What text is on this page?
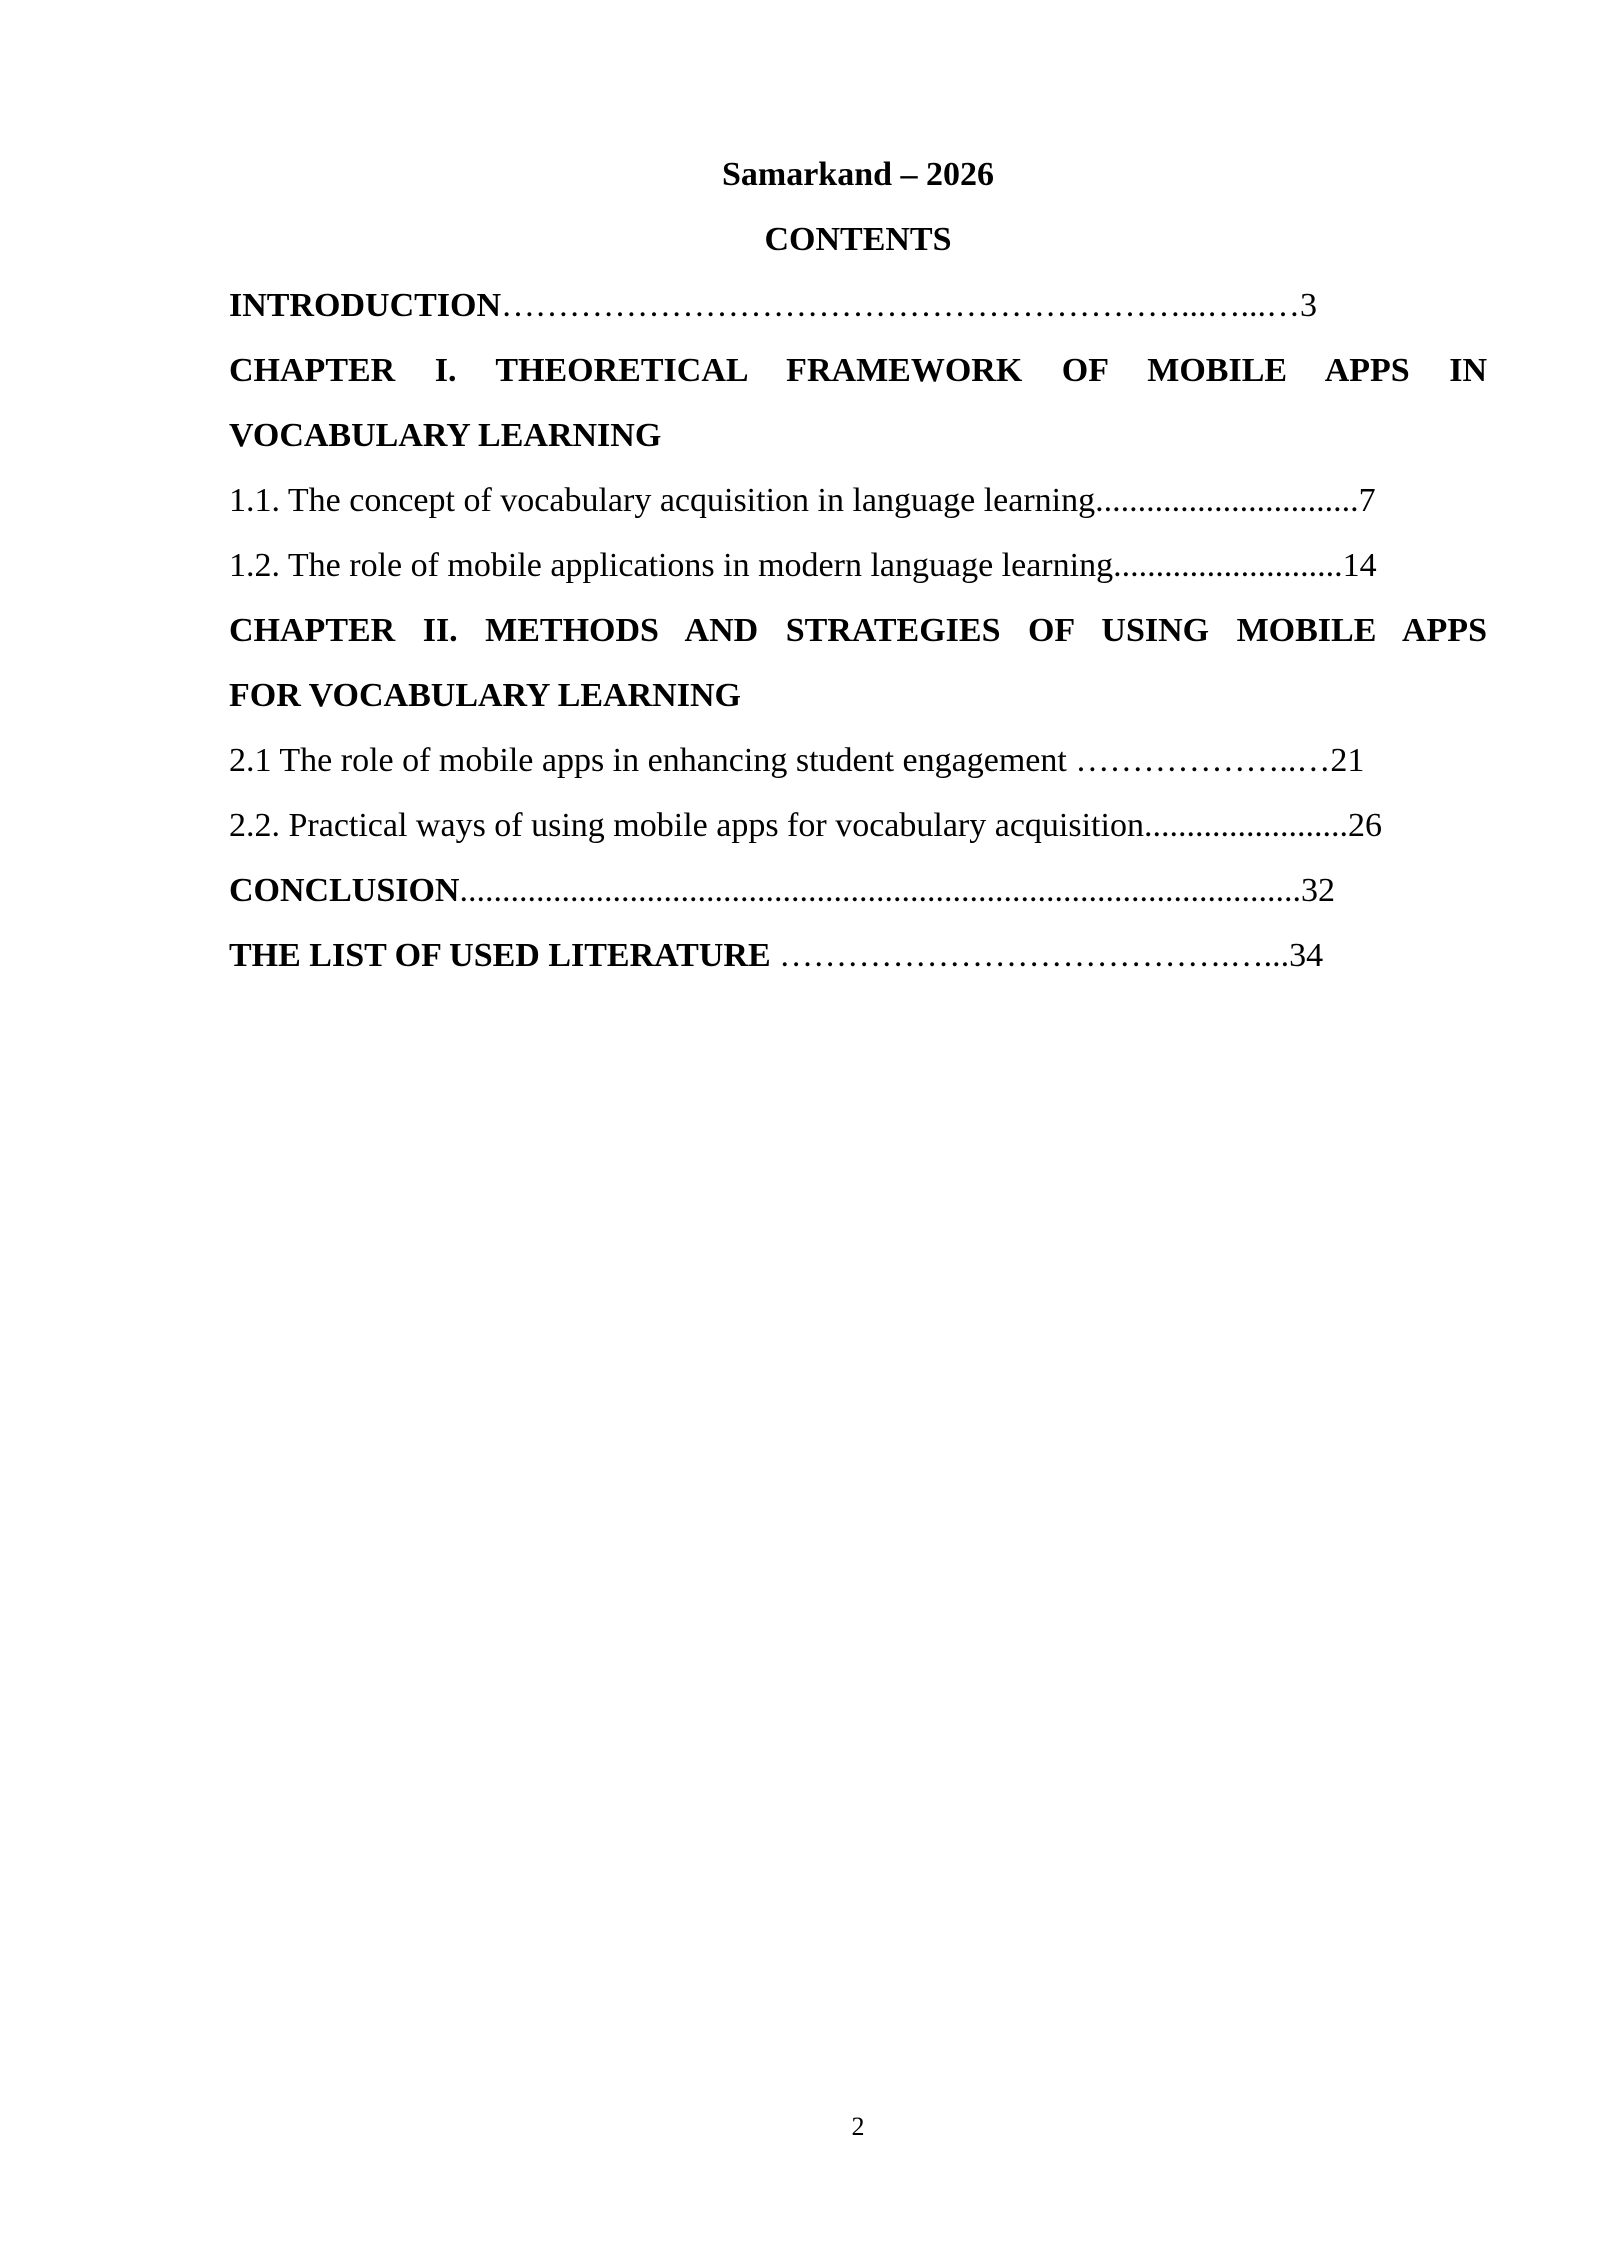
Samarkand – 2026
CONTENTS
INTRODUCTION……………………………………………………...…...…3
CHAPTER I. THEORETICAL FRAMEWORK OF MOBILE APPS IN
VOCABULARY LEARNING
1.1. The concept of vocabulary acquisition in language learning...............................7
1.2. The role of mobile applications in modern language learning...........................14
CHAPTER II. METHODS AND STRATEGIES OF USING MOBILE APPS
FOR VOCABULARY LEARNING
2.1 The role of mobile apps in enhancing student engagement ………………..…21
2.2. Practical ways of using mobile apps for vocabulary acquisition........................26
CONCLUSION...................................................................................................32
THE LIST OF USED LITERATURE ………………………………….…...34
2
